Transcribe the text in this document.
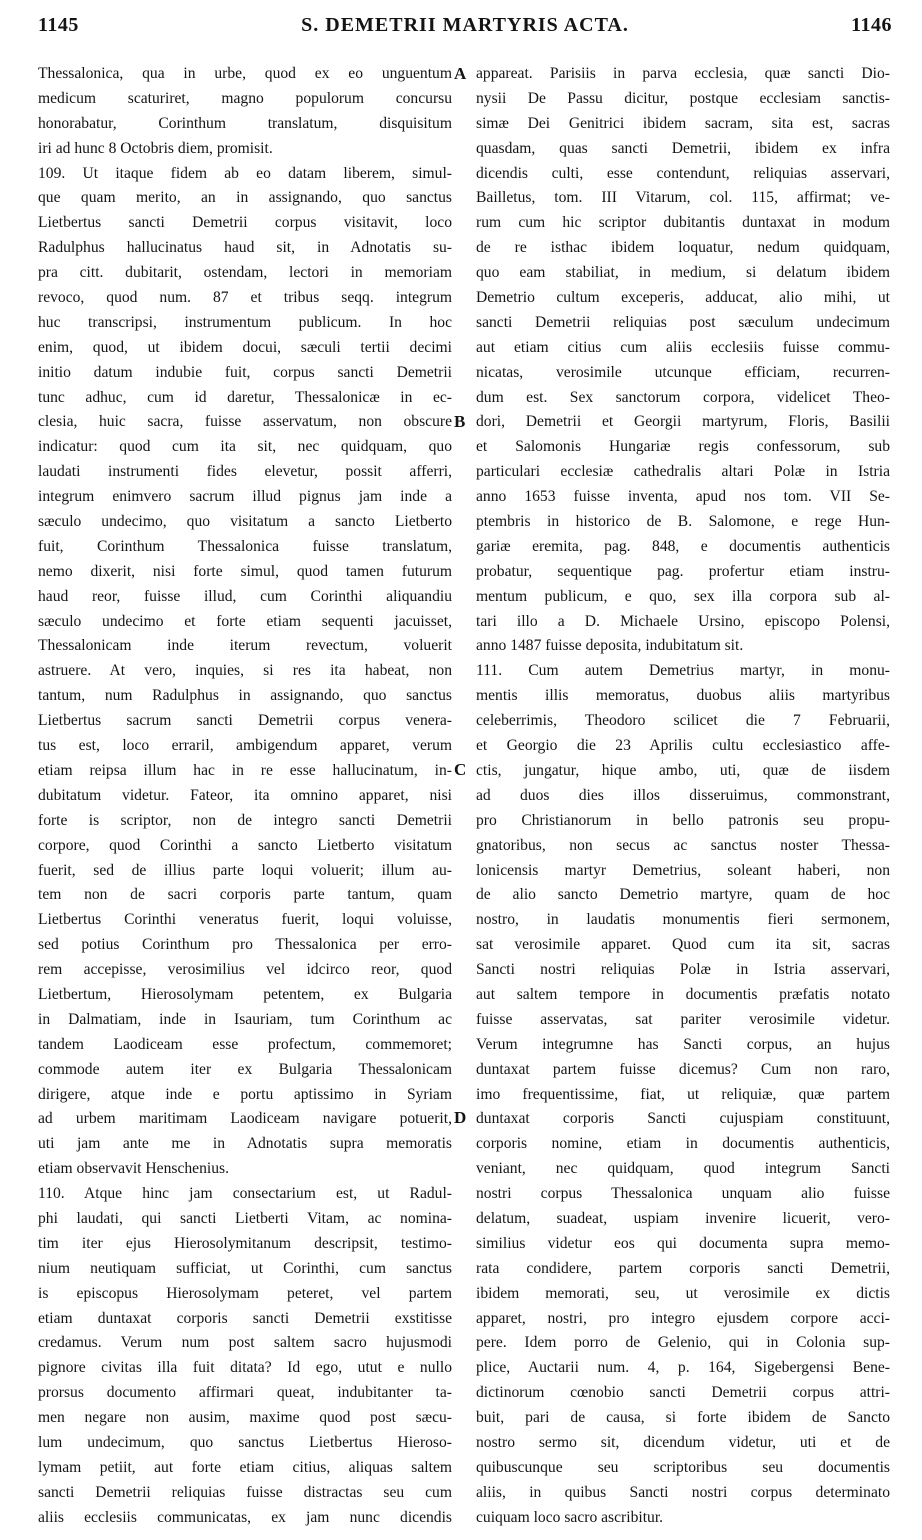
1145	S. DEMETRII MARTYRIS ACTA.	1146
Thessalonica, qua in urbe, quod ex eo unguentum
medicum scaturiret, magno populorum concursu
honorabatur, Corinthum translatum, disquisitum
iri ad hunc 8 Octobris diem, promisit.
109. Ut itaque fidem ab eo datam liberem, simul-
que quam merito, an in assignando, quo sanctus
Lietbertus sancti Demetrii corpus visitavit, loco
Radulphus hallucinatus haud sit, in Adnotatis su-
pra citt. dubitarit, ostendam, lectori in memoriam
revoco, quod num. 87 et tribus seqq. integrum
huc transcripsi, instrumentum publicum. In hoc
enim, quod, ut ibidem docui, sæculi tertii decimi
initio datum indubie fuit, corpus sancti Demetrii
tunc adhuc, cum id daretur, Thessalonicæ in ec-
clesia, huic sacra, fuisse asservatum, non obscure
indicatur: quod cum ita sit, nec quidquam, quo
laudati instrumenti fides elevetur, possit afferri,
integrum enimvero sacrum illud pignus jam inde a
sæculo undecimo, quo visitatum a sancto Lietberto
fuit, Corinthum Thessalonica fuisse translatum,
nemo dixerit, nisi forte simul, quod tamen futurum
haud reor, fuisse illud, cum Corinthi aliquandiu
sæculo undecimo et forte etiam sequenti jacuisset,
Thessalonicam inde iterum revectum, voluerit
astruere. At vero, inquies, si res ita habeat, non
tantum, num Radulphus in assignando, quo sanctus
Lietbertus sacrum sancti Demetrii corpus venera-
tus est, loco erraril, ambigendum apparet, verum
etiam reipsa illum hac in re esse hallucinatum, in-
dubitatum videtur. Fateor, ita omnino apparet, nisi
forte is scriptor, non de integro sancti Demetrii
corpore, quod Corinthi a sancto Lietberto visitatum
fuerit, sed de illius parte loqui voluerit; illum au-
tem non de sacri corporis parte tantum, quam
Lietbertus Corinthi veneratus fuerit, loqui voluisse,
sed potius Corinthum pro Thessalonica per erro-
rem accepisse, verosimilius vel idcirco reor, quod
Lietbertum, Hierosolymam petentem, ex Bulgaria
in Dalmatiam, inde in Isauriam, tum Corinthum ac
tandem Laodiceam esse profectum, commemoret;
commode autem iter ex Bulgaria Thessalonicam
dirigere, atque inde e portu aptissimo in Syriam
ad urbem maritimam Laodiceam navigare potuerit,
uti jam ante me in Adnotatis supra memoratis
etiam observavit Henschenius.
110. Atque hinc jam consectarium est, ut Radul-
phi laudati, qui sancti Lietberti Vitam, ac nomina-
tim iter ejus Hierosolymitanum descripsit, testimo-
nium neutiquam sufficiat, ut Corinthi, cum sanctus
is episcopus Hierosolymam peteret, vel partem
etiam duntaxat corporis sancti Demetrii exstitisse
credamus. Verum num post saltem sacro hujusmodi
pignore civitas illa fuit ditata? Id ego, utut e nullo
prorsus documento affirmari queat, indubitanter ta-
men negare non ausim, maxime quod post sæcu-
lum undecimum, quo sanctus Lietbertus Hieroso-
lymam petiit, aut forte etiam citius, aliquas saltem
sancti Demetrii reliquias fuisse distractas seu cum
aliis ecclesiis communicatas, ex jam nunc dicendis
appareat. Parisiis in parva ecclesia, quæ sancti Dio-
nysii De Passu dicitur, postque ecclesiam sanctis-
simæ Dei Genitrici ibidem sacram, sita est, sacras
quasdam, quas sancti Demetrii, ibidem ex infra
dicendis culti, esse contendunt, reliquias asservari,
Bailletus, tom. III Vitarum, col. 115, affirmat; ve-
rum cum hic scriptor dubitantis duntaxat in modum
de re isthac ibidem loquatur, nedum quidquam,
quo eam stabiliat, in medium, si delatum ibidem
Demetrio cultum exceperis, adducat, alio mihi, ut
sancti Demetrii reliquias post sæculum undecimum
aut etiam citius cum aliis ecclesiis fuisse commu-
nicatas, verosimile utcunque efficiam, recurren-
dum est. Sex sanctorum corpora, videlicet Theo-
dori, Demetrii et Georgii martyrum, Floris, Basilii
et Salomonis Hungariæ regis confessorum, sub
particulari ecclesiæ cathedralis altari Polæ in Istria
anno 1653 fuisse inventa, apud nos tom. VII Se-
ptembris in historico de B. Salomone, e rege Hun-
gariæ eremita, pag. 848, e documentis authenticis
probatur, sequentique pag. profertur etiam instru-
mentum publicum, e quo, sex illa corpora sub al-
tari illo a D. Michaele Ursino, episcopo Polensi,
anno 1487 fuisse deposita, indubitatum sit.
111. Cum autem Demetrius martyr, in monu-
mentis illis memoratus, duobus aliis martyribus
celeberrimis, Theodoro scilicet die 7 Februarii,
et Georgio die 23 Aprilis cultu ecclesiastico affe-
ctis, jungatur, hique ambo, uti, quæ de iisdem
ad duos dies illos disseruimus, commonstrant,
pro Christianorum in bello patronis seu propu-
gnatoribus, non secus ac sanctus noster Thessa-
lonicensis martyr Demetrius, soleant haberi, non
de alio sancto Demetrio martyre, quam de hoc
nostro, in laudatis monumentis fieri sermonem,
sat verosimile apparet. Quod cum ita sit, sacras
Sancti nostri reliquias Polæ in Istria asservari,
aut saltem tempore in documentis præfatis notato
fuisse asservatas, sat pariter verosimile videtur.
Verum integrumne has Sancti corpus, an hujus
duntaxat partem fuisse dicemus? Cum non raro,
imo frequentissime, fiat, ut reliquiæ, quæ partem
duntaxat corporis Sancti cujuspiam constituunt,
corporis nomine, etiam in documentis authenticis,
veniant, nec quidquam, quod integrum Sancti
nostri corpus Thessalonica unquam alio fuisse
delatum, suadeat, uspiam invenire licuerit, vero-
similius videtur eos qui documenta supra memo-
rata condidere, partem corporis sancti Demetrii,
ibidem memorati, seu, ut verosimile ex dictis
apparet, nostri, pro integro ejusdem corpore acci-
pere. Idem porro de Gelenio, qui in Colonia sup-
plice, Auctarii num. 4, p. 164, Sigebergensi Bene-
dictinorum cœnobio sancti Demetrii corpus attri-
buit, pari de causa, si forte ibidem de Sancto
nostro sermo sit, dicendum videtur, uti et de
quibuscunque seu scriptoribus seu documentis
aliis, in quibus Sancti nostri corpus determinato
cuiquam loco sacro ascribitur.
A
B
C
D
